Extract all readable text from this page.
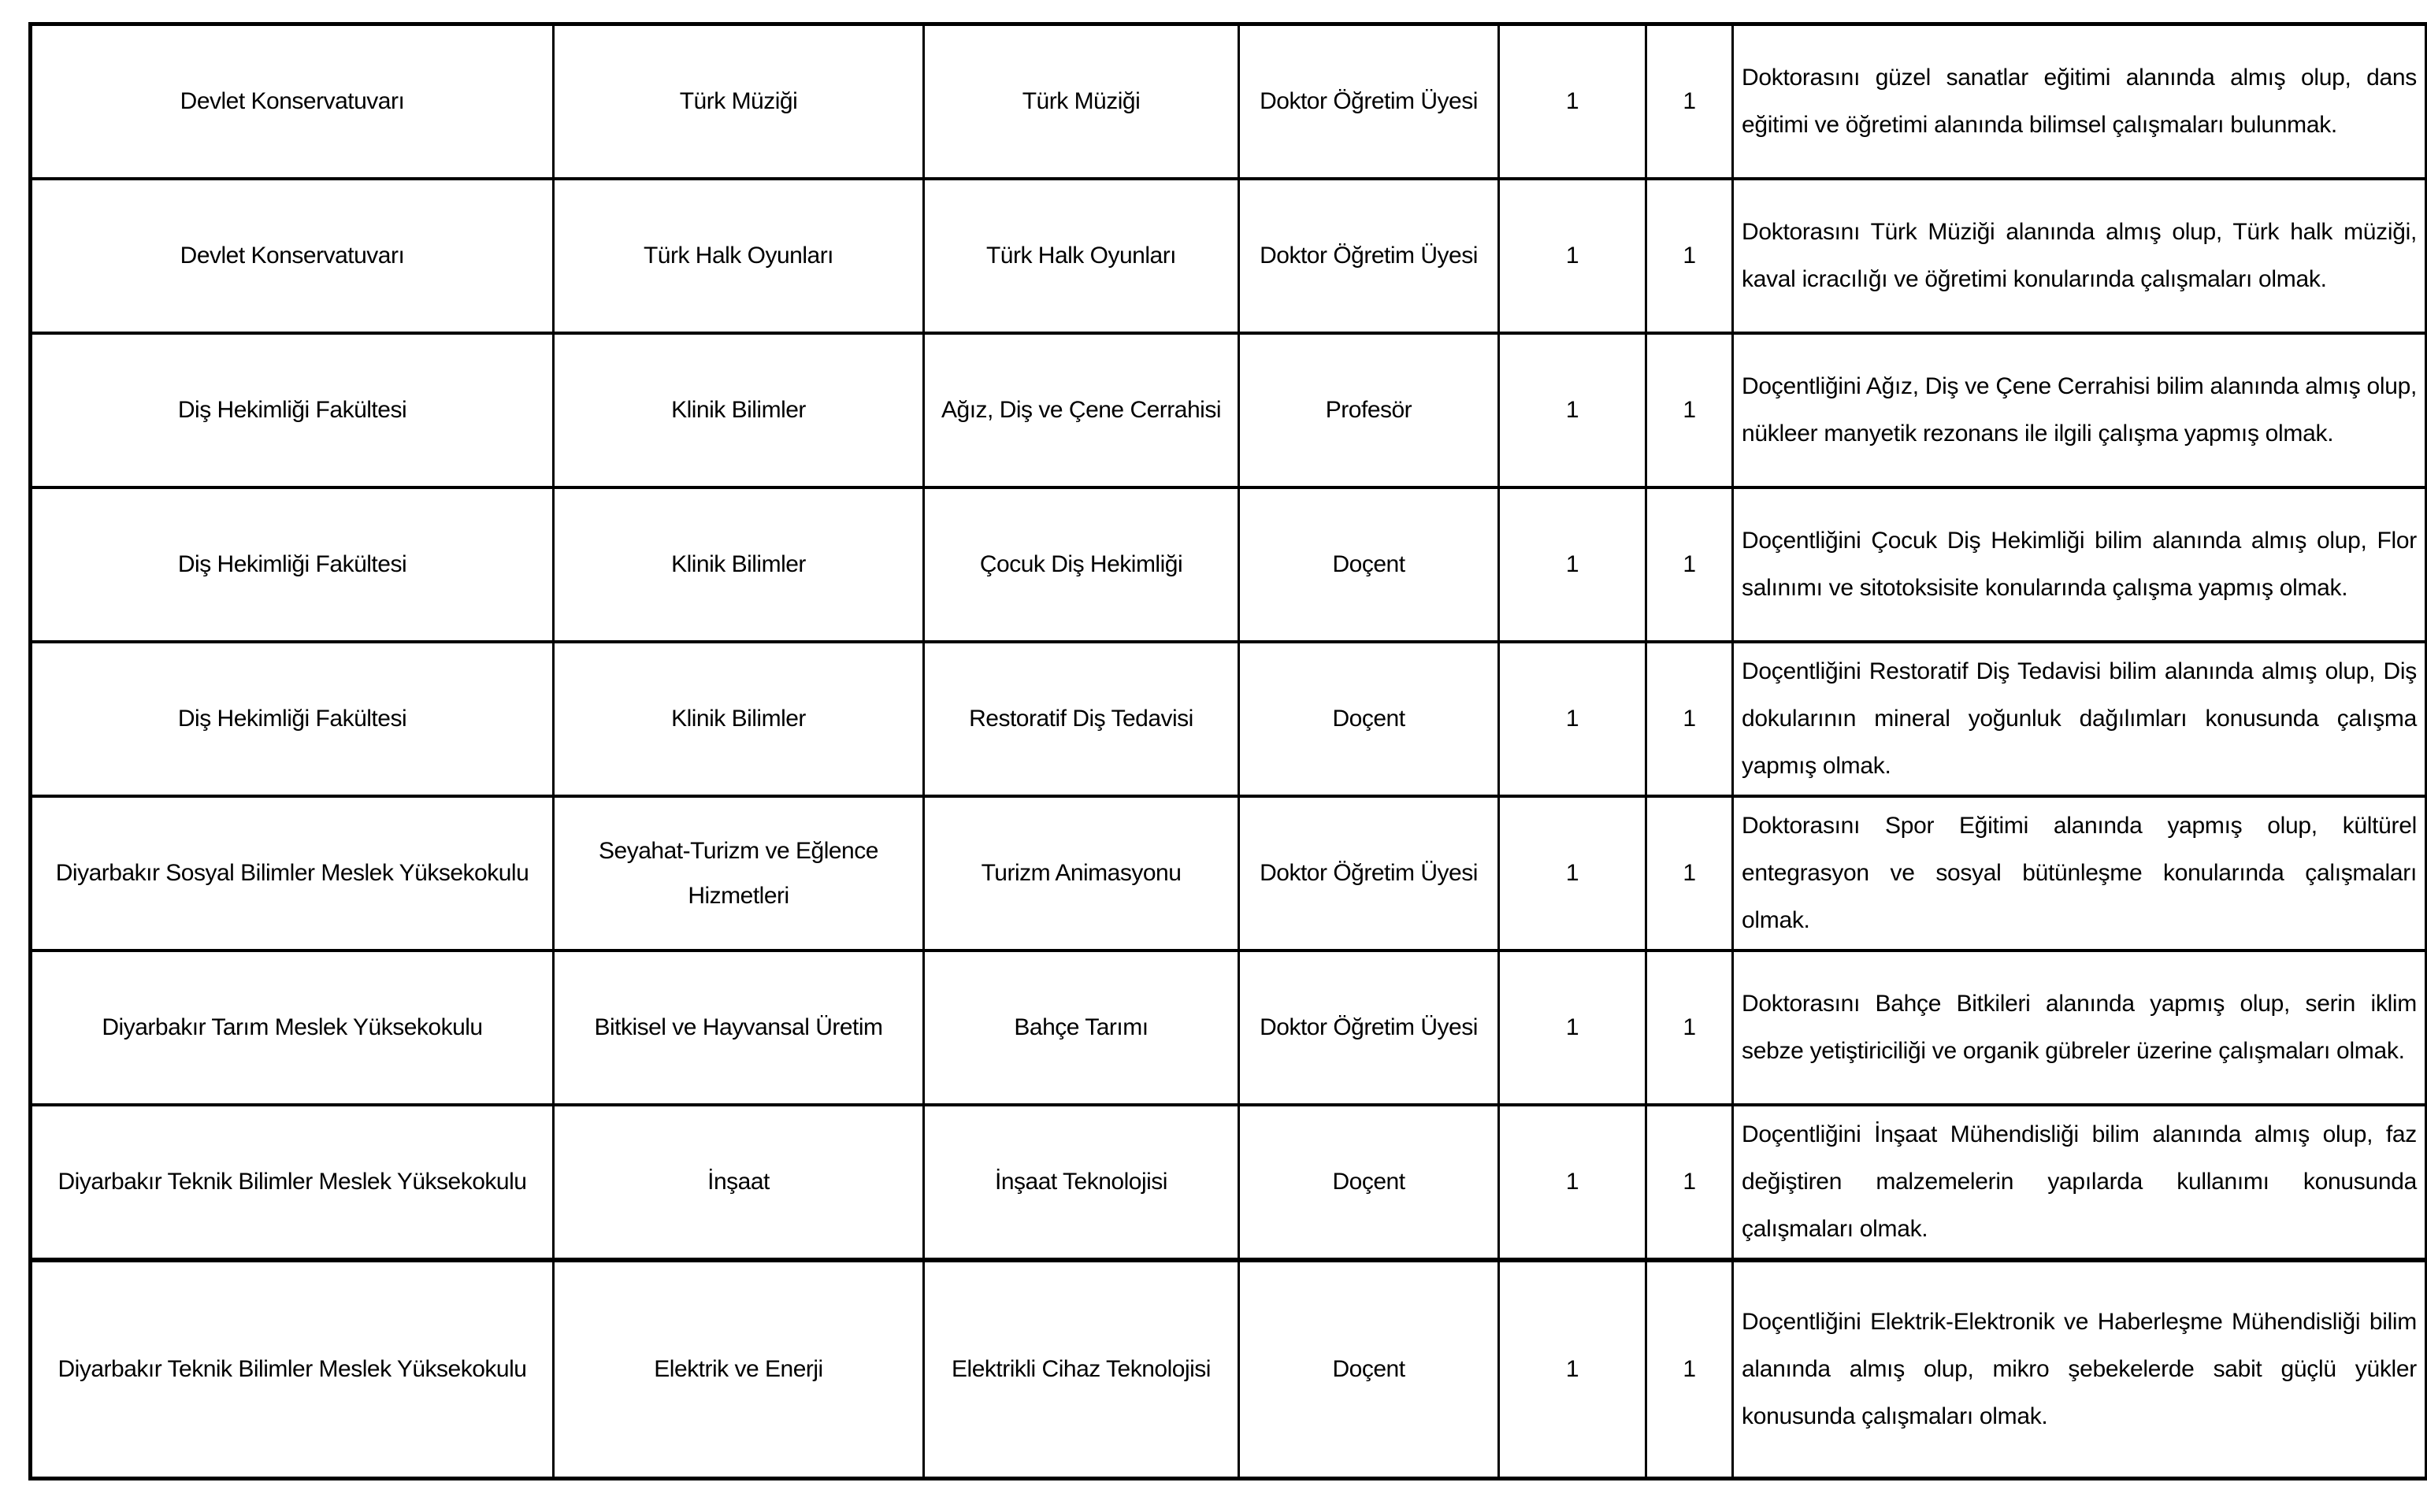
Devlet Konservatuvarı	Türk Müziği	Türk Müziği	Doktor Öğretim Üyesi	1	1	Doktorasını güzel sanatlar eğitimi alanında almış olup, dans eğitimi ve öğretimi alanında bilimsel çalışmaları bulunmak.
Devlet Konservatuvarı	Türk Halk Oyunları	Türk Halk Oyunları	Doktor Öğretim Üyesi	1	1	Doktorasını Türk Müziği alanında almış olup, Türk halk müziği, kaval icracılığı ve öğretimi konularında çalışmaları olmak.
Diş Hekimliği Fakültesi	Klinik Bilimler	Ağız, Diş ve Çene Cerrahisi	Profesör	1	1	Doçentliğini Ağız, Diş ve Çene Cerrahisi bilim alanında almış olup, nükleer manyetik rezonans ile ilgili çalışma yapmış olmak.
Diş Hekimliği Fakültesi	Klinik Bilimler	Çocuk Diş Hekimliği	Doçent	1	1	Doçentliğini Çocuk Diş Hekimliği bilim alanında almış olup, Flor salınımı ve sitotoksisite konularında çalışma yapmış olmak.
Diş Hekimliği Fakültesi	Klinik Bilimler	Restoratif Diş Tedavisi	Doçent	1	1	Doçentliğini Restoratif Diş Tedavisi bilim alanında almış olup, Diş dokularının mineral yoğunluk dağılımları konusunda çalışma yapmış olmak.
Diyarbakır Sosyal Bilimler Meslek Yüksekokulu	Seyahat-Turizm ve Eğlence Hizmetleri	Turizm Animasyonu	Doktor Öğretim Üyesi	1	1	Doktorasını Spor Eğitimi alanında yapmış olup, kültürel entegrasyon ve sosyal bütünleşme konularında çalışmaları olmak.
Diyarbakır Tarım Meslek Yüksekokulu	Bitkisel ve Hayvansal Üretim	Bahçe Tarımı	Doktor Öğretim Üyesi	1	1	Doktorasını Bahçe Bitkileri alanında yapmış olup, serin iklim sebze yetiştiriciliği ve organik gübreler üzerine çalışmaları olmak.
Diyarbakır Teknik Bilimler Meslek Yüksekokulu	İnşaat	İnşaat Teknolojisi	Doçent	1	1	Doçentliğini İnşaat Mühendisliği bilim alanında almış olup, faz değiştiren malzemelerin yapılarda kullanımı konusunda çalışmaları olmak.
Diyarbakır Teknik Bilimler Meslek Yüksekokulu	Elektrik ve Enerji	Elektrikli Cihaz Teknolojisi	Doçent	1	1	Doçentliğini Elektrik-Elektronik ve Haberleşme Mühendisliği bilim alanında almış olup, mikro şebekelerde sabit güçlü yükler konusunda çalışmaları olmak.
